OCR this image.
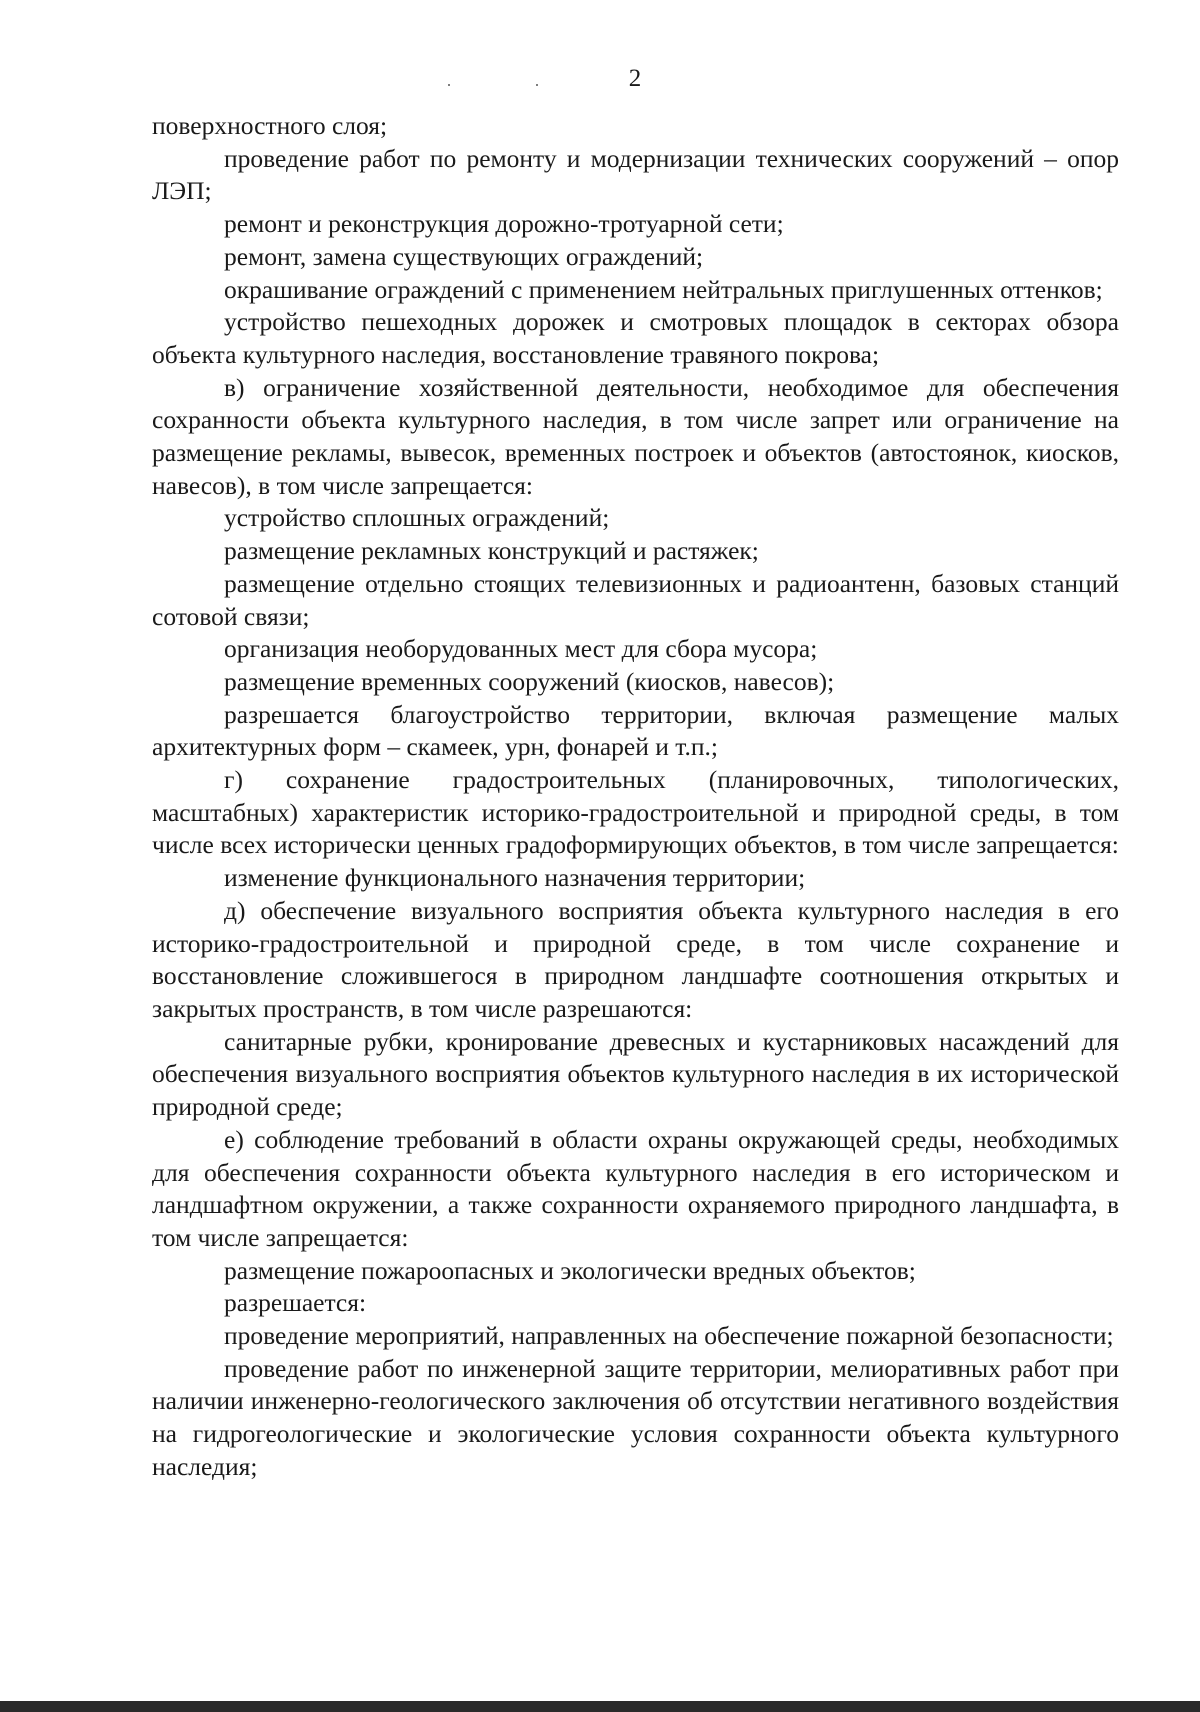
2

поверхностного слоя;

проведение работ по ремонту и модернизации технических сооружений – опор ЛЭП;

ремонт и реконструкция дорожно-тротуарной сети;

ремонт, замена существующих ограждений;

окрашивание ограждений с применением нейтральных приглушенных оттенков;

устройство пешеходных дорожек и смотровых площадок в секторах обзора объекта культурного наследия, восстановление травяного покрова;

в) ограничение хозяйственной деятельности, необходимое для обеспечения сохранности объекта культурного наследия, в том числе запрет или ограничение на размещение рекламы, вывесок, временных построек и объектов (автостоянок, киосков, навесов), в том числе запрещается:

устройство сплошных ограждений;

размещение рекламных конструкций и растяжек;

размещение отдельно стоящих телевизионных и радиоантенн, базовых станций сотовой связи;

организация необорудованных мест для сбора мусора;

размещение временных сооружений (киосков, навесов);

разрешается благоустройство территории, включая размещение малых архитектурных форм – скамеек, урн, фонарей и т.п.;

г) сохранение градостроительных (планировочных, типологических, масштабных) характеристик историко-градостроительной и природной среды, в том числе всех исторически ценных градоформирующих объектов, в том числе запрещается:

изменение функционального назначения территории;

д) обеспечение визуального восприятия объекта культурного наследия в его историко-градостроительной и природной среде, в том числе сохранение и восстановление сложившегося в природном ландшафте соотношения открытых и закрытых пространств, в том числе разрешаются:

санитарные рубки, кронирование древесных и кустарниковых насаждений для обеспечения визуального восприятия объектов культурного наследия в их исторической природной среде;

е) соблюдение требований в области охраны окружающей среды, необходимых для обеспечения сохранности объекта культурного наследия в его историческом и ландшафтном окружении, а также сохранности охраняемого природного ландшафта, в том числе запрещается:

размещение пожароопасных и экологически вредных объектов;

разрешается:

проведение мероприятий, направленных на обеспечение пожарной безопасности;

проведение работ по инженерной защите территории, мелиоративных работ при наличии инженерно-геологического заключения об отсутствии негативного воздействия на гидрогеологические и экологические условия сохранности объекта культурного наследия;
